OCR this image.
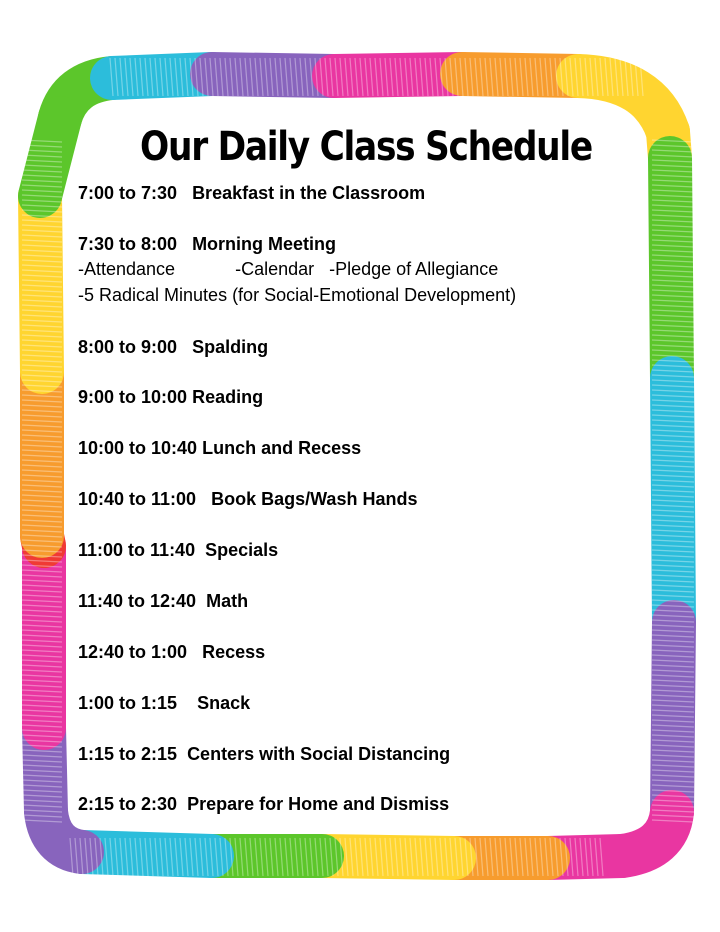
Our Daily Class Schedule
7:00 to 7:30 Breakfast in the Classroom
7:30 to 8:00 Morning Meeting
-Attendance            -Calendar   -Pledge of Allegiance
-5 Radical Minutes (for Social-Emotional Development)
8:00 to 9:00 Spalding
9:00 to 10:00 Reading
10:00 to 10:40 Lunch and Recess
10:40 to 11:00 Book Bags/Wash Hands
11:00 to 11:40 Specials
11:40 to 12:40 Math
12:40 to 1:00 Recess
1:00 to 1:15 Snack
1:15 to 2:15 Centers with Social Distancing
2:15 to 2:30 Prepare for Home and Dismiss
